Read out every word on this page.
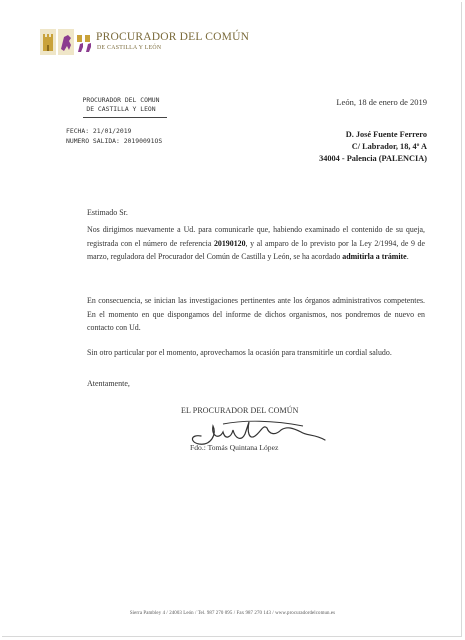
PROCURADOR DEL COMÚN
DE CASTILLA Y LEÓN
PROCURADOR DEL COMUN
DE CASTILLA Y LEON
FECHA: 21/01/2019
NUMERO SALIDA: 20190091OS
León, 18 de enero de 2019
D. José Fuente Ferrero
C/ Labrador, 18, 4º A
34004 - Palencia (PALENCIA)
Estimado Sr.
Nos dirigimos nuevamente a Ud. para comunicarle que, habiendo examinado el contenido de su queja, registrada con el número de referencia 20190120, y al amparo de lo previsto por la Ley 2/1994, de 9 de marzo, reguladora del Procurador del Común de Castilla y León, se ha acordado admitirla a trámite.
En consecuencia, se inician las investigaciones pertinentes ante los órganos administrativos competentes. En el momento en que dispongamos del informe de dichos organismos, nos pondremos de nuevo en contacto con Ud.
Sin otro particular por el momento, aprovechamos la ocasión para transmitirle un cordial saludo.
Atentamente,
EL PROCURADOR DEL COMÚN
Fdo.: Tomás Quintana López
Sierra Pambley 4 / 24003 León / Tel. 987 270 095 / Fax 987 270 143 / www.procuradordelcomun.es
